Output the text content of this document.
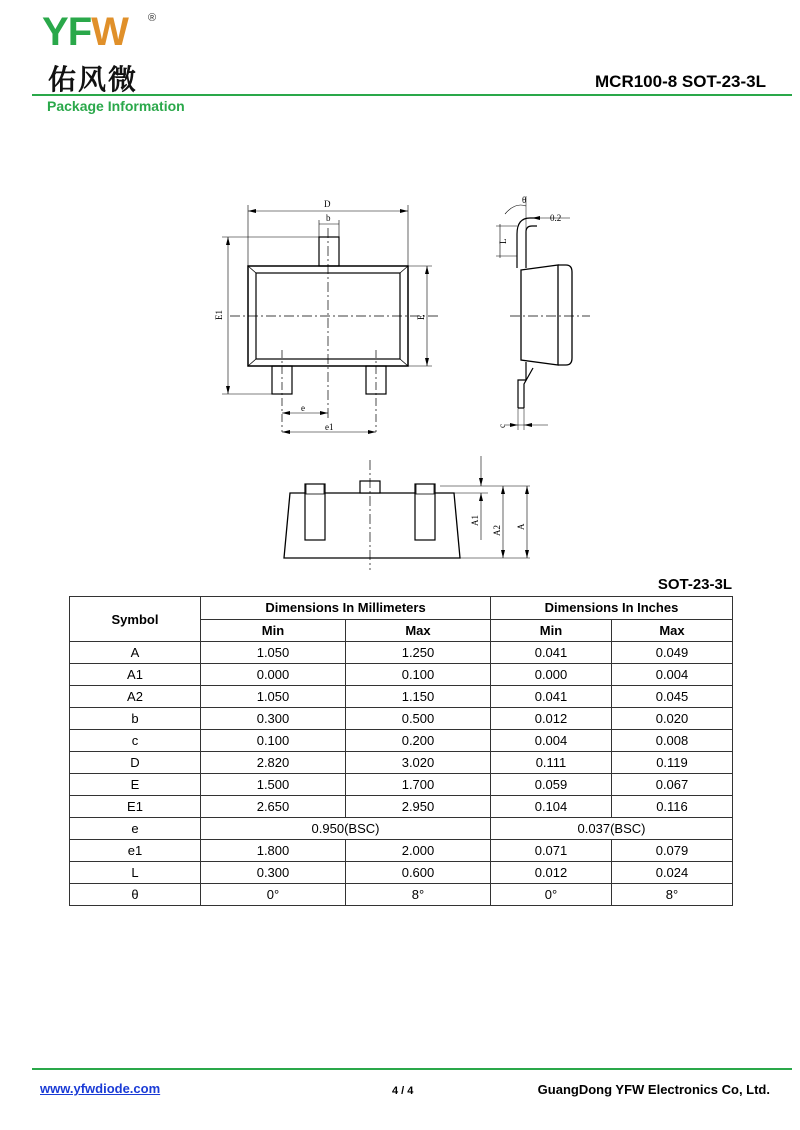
YFW ®
佑风微	MCR100-8 SOT-23-3L
Package Information
D
b
E1	E
e
e1
θ
0.2
L
c
A1
A2 A
SOT-23-3L
Symbol	Dimensions In Millimeters		Dimensions In Inches	
	Min	Max	Min	Max
A	1.050	1.250	0.041	0.049
A1	0.000	0.100	0.000	0.004
A2	1.050	1.150	0.041	0.045
b	0.300	0.500	0.012	0.020
c	0.100	0.200	0.004	0.008
D	2.820	3.020	0.111	0.119
E	1.500	1.700	0.059	0.067
E1	2.650	2.950	0.104	0.116
e	0.950(BSC)		0.037(BSC)	
e1	1.800	2.000	0.071	0.079
L	0.300	0.600	0.012	0.024
θ	0°	8°	0°	8°
www.yfwdiode.com	4 / 4	GuangDong YFW Electronics Co, Ltd.
